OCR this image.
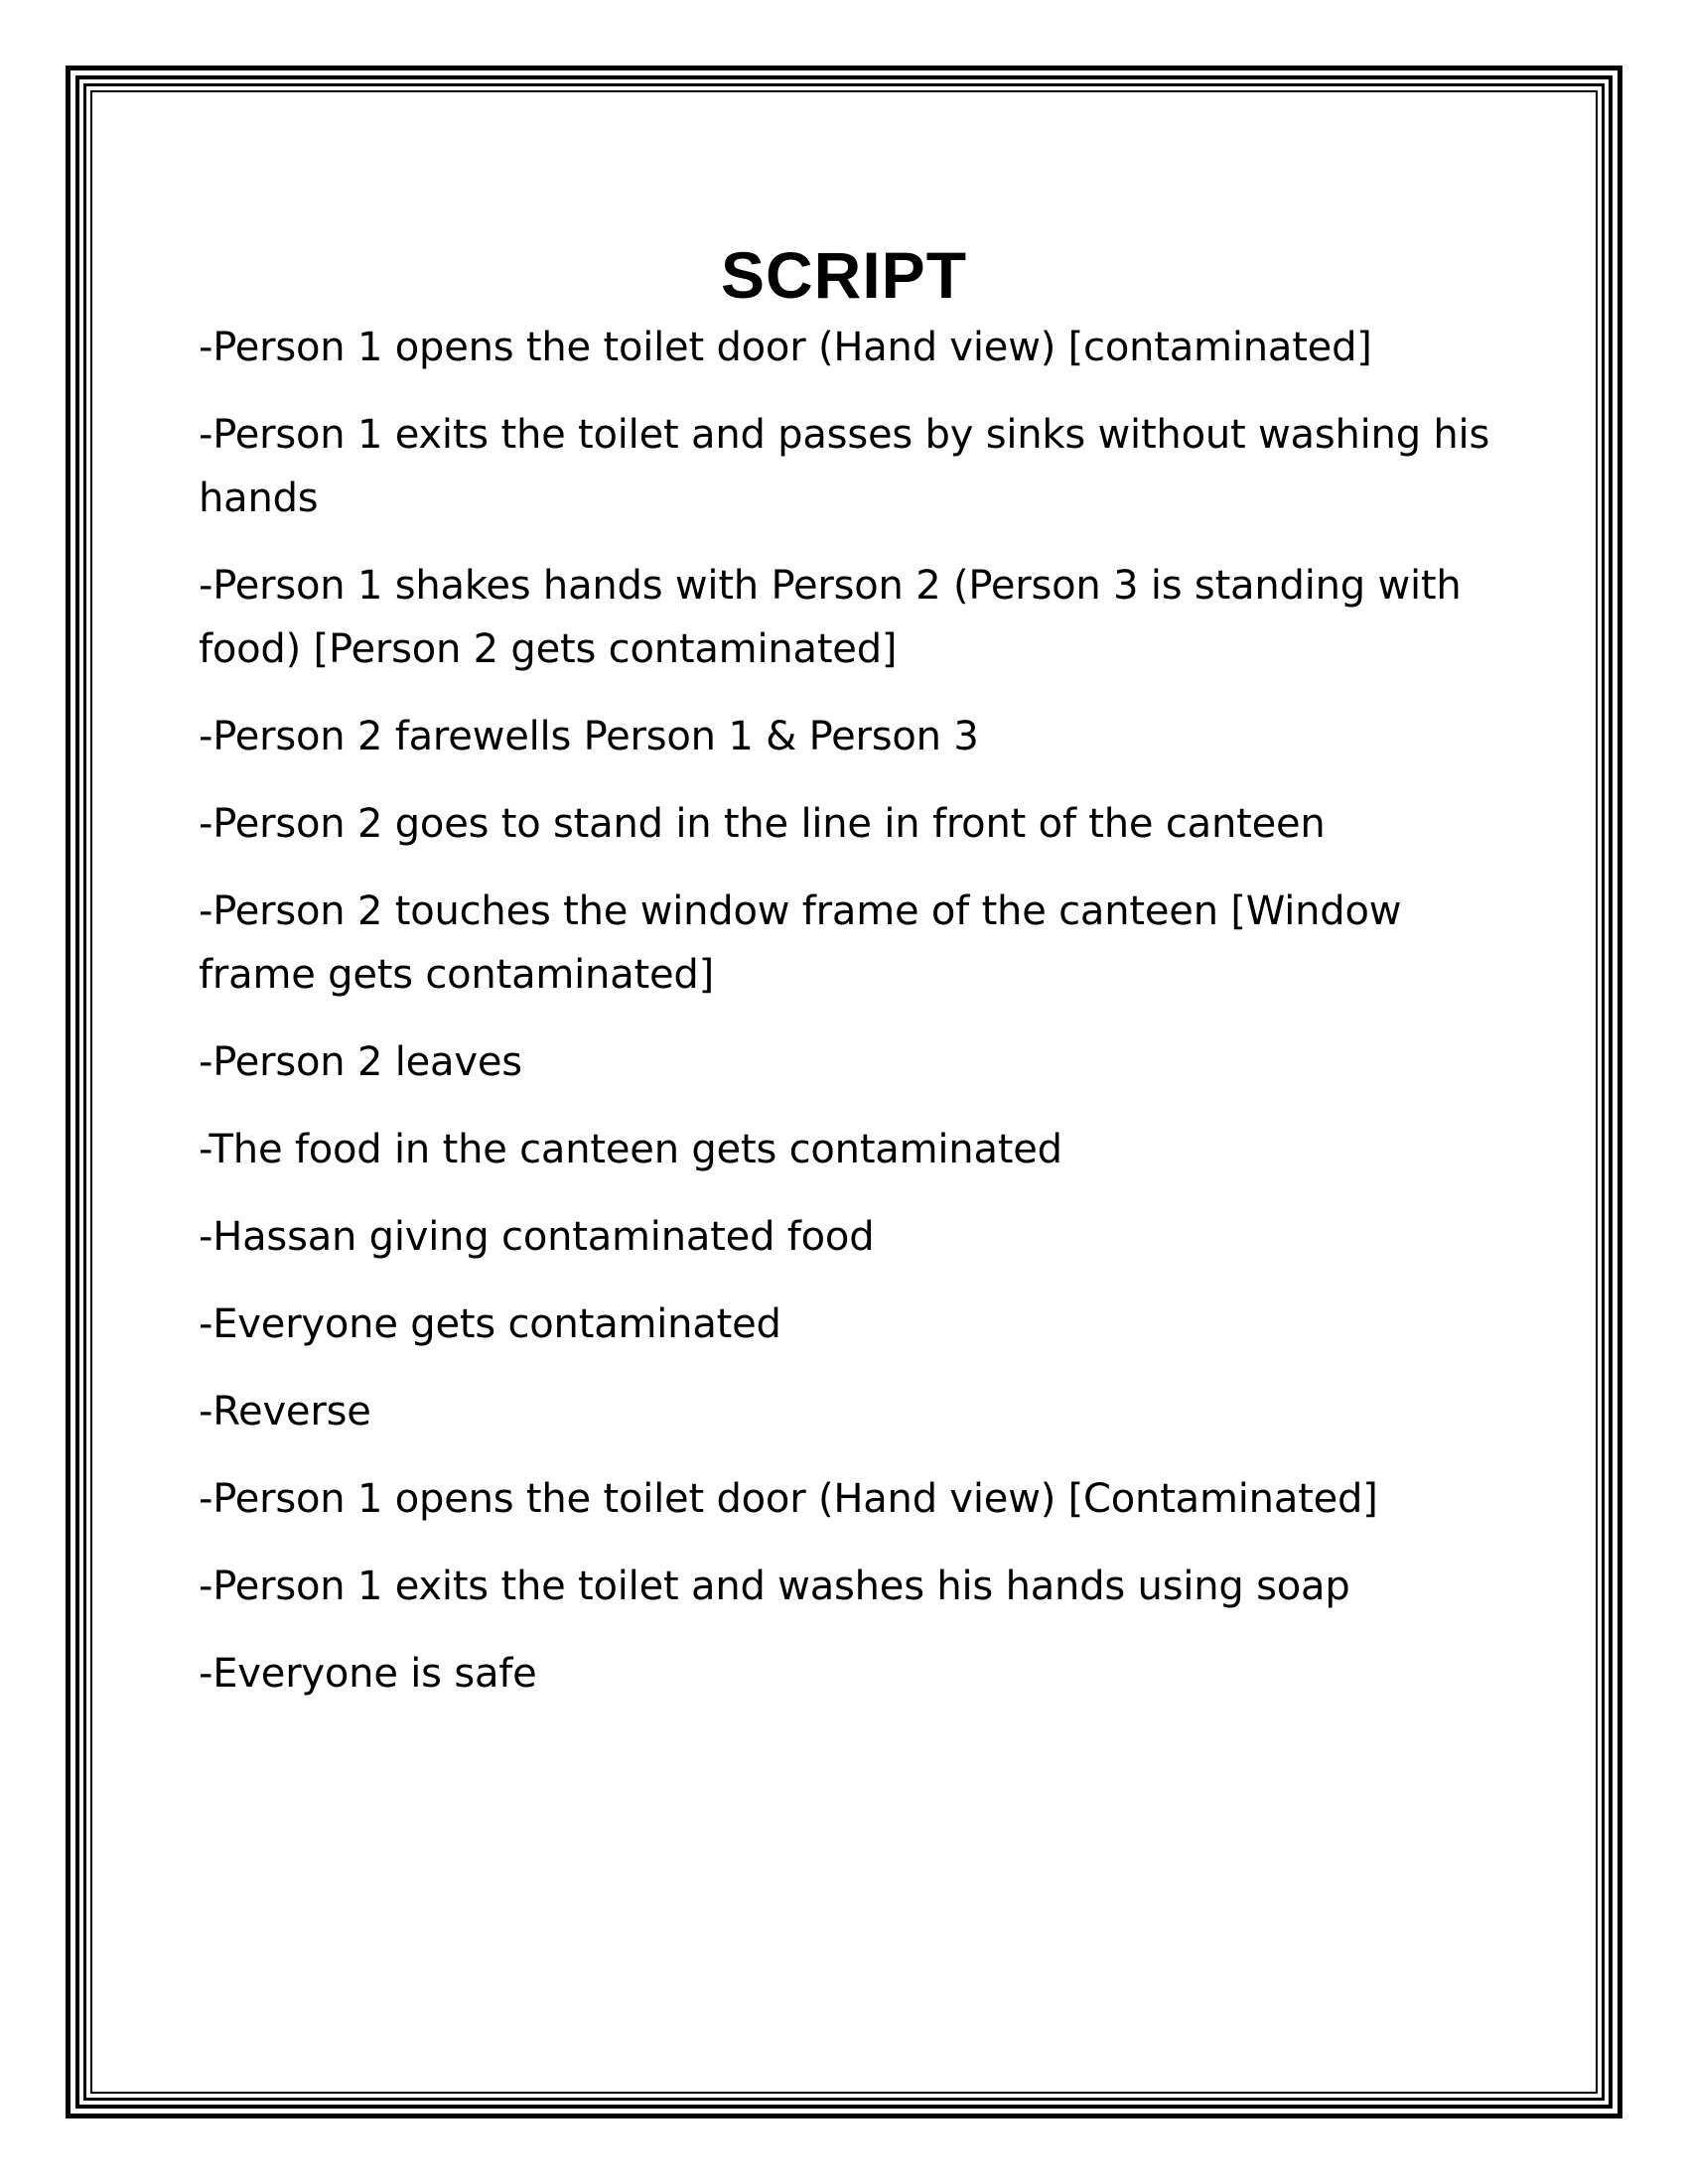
SCRIPT
-Person 1 opens the toilet door (Hand view) [contaminated]
-Person 1 exits the toilet and passes by sinks without washing his hands
-Person 1 shakes hands with Person 2 (Person 3 is standing with food) [Person 2 gets contaminated]
-Person 2 farewells Person 1 & Person 3
-Person 2 goes to stand in the line in front of the canteen
-Person 2 touches the window frame of the canteen [Window frame gets contaminated]
-Person 2 leaves
-The food in the canteen gets contaminated
-Hassan giving contaminated food
-Everyone gets contaminated
-Reverse
-Person 1 opens the toilet door (Hand view) [Contaminated]
-Person 1 exits the toilet and washes his hands using soap
-Everyone is safe
